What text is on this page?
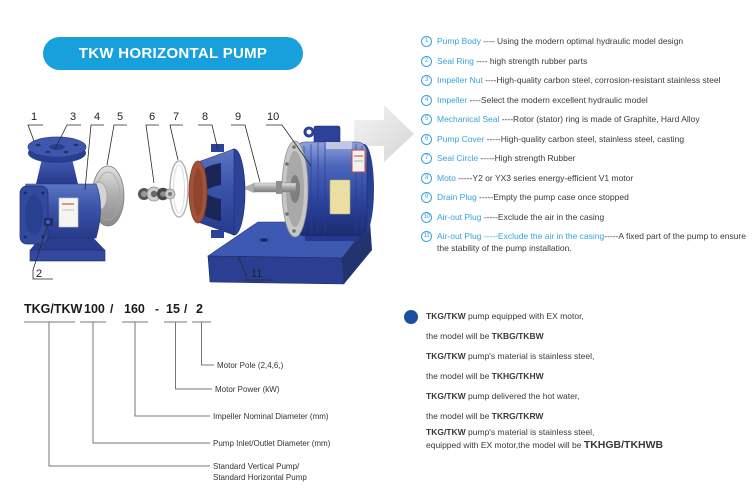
TKW HORIZONTAL PUMP
1	3 4 5 6 7 8 9 10
2	11
1	Pump Body ---- Using the modern optimal hydraulic model design
2	Seal Ring ---- high strength rubber parts
3	Impeller Nut ----High-quality carbon steel, corrosion-resistant stainless steel
4	Impeller ----Select the modern excellent hydraulic model
5	Mechanical Seal ----Rotor (stator) ring is made of Graphite, Hard Alloy
6	Pump Cover -----High-quality carbon steel, stainless steel, casting
7	Seal Circle -----High strength Rubber
8	Moto -----Y2 or YX3 series energy-efficient V1 motor
9	Drain Plug -----Empty the pump case once stopped
10 Air-out Plug -----Exclude the air in the casing
11 Air-out Plug -----Exclude the air in the casing-----A fixed part of the pump to ensure the stability of the pump installation.
TKG/TKW 100 / 160 - 15 / 2
Motor Pole (2,4,6,)
Motor Power (kW)
Impeller Nominal Diameter (mm)
Pump Inlet/Outlet Diameter (mm)
Standard Vertical Pump/
Standard Horizontal Pump
TKG/TKW pump equipped with EX motor,
the model will be TKBG/TKBW
TKG/TKW pump's material is stainless steel,
the model will be TKHG/TKHW
TKG/TKW pump delivered the hot water,
the model will be TKRG/TKRW
TKG/TKW pump's material is stainless steel,
equipped with EX motor,the model will be TKHGB/TKHWB
